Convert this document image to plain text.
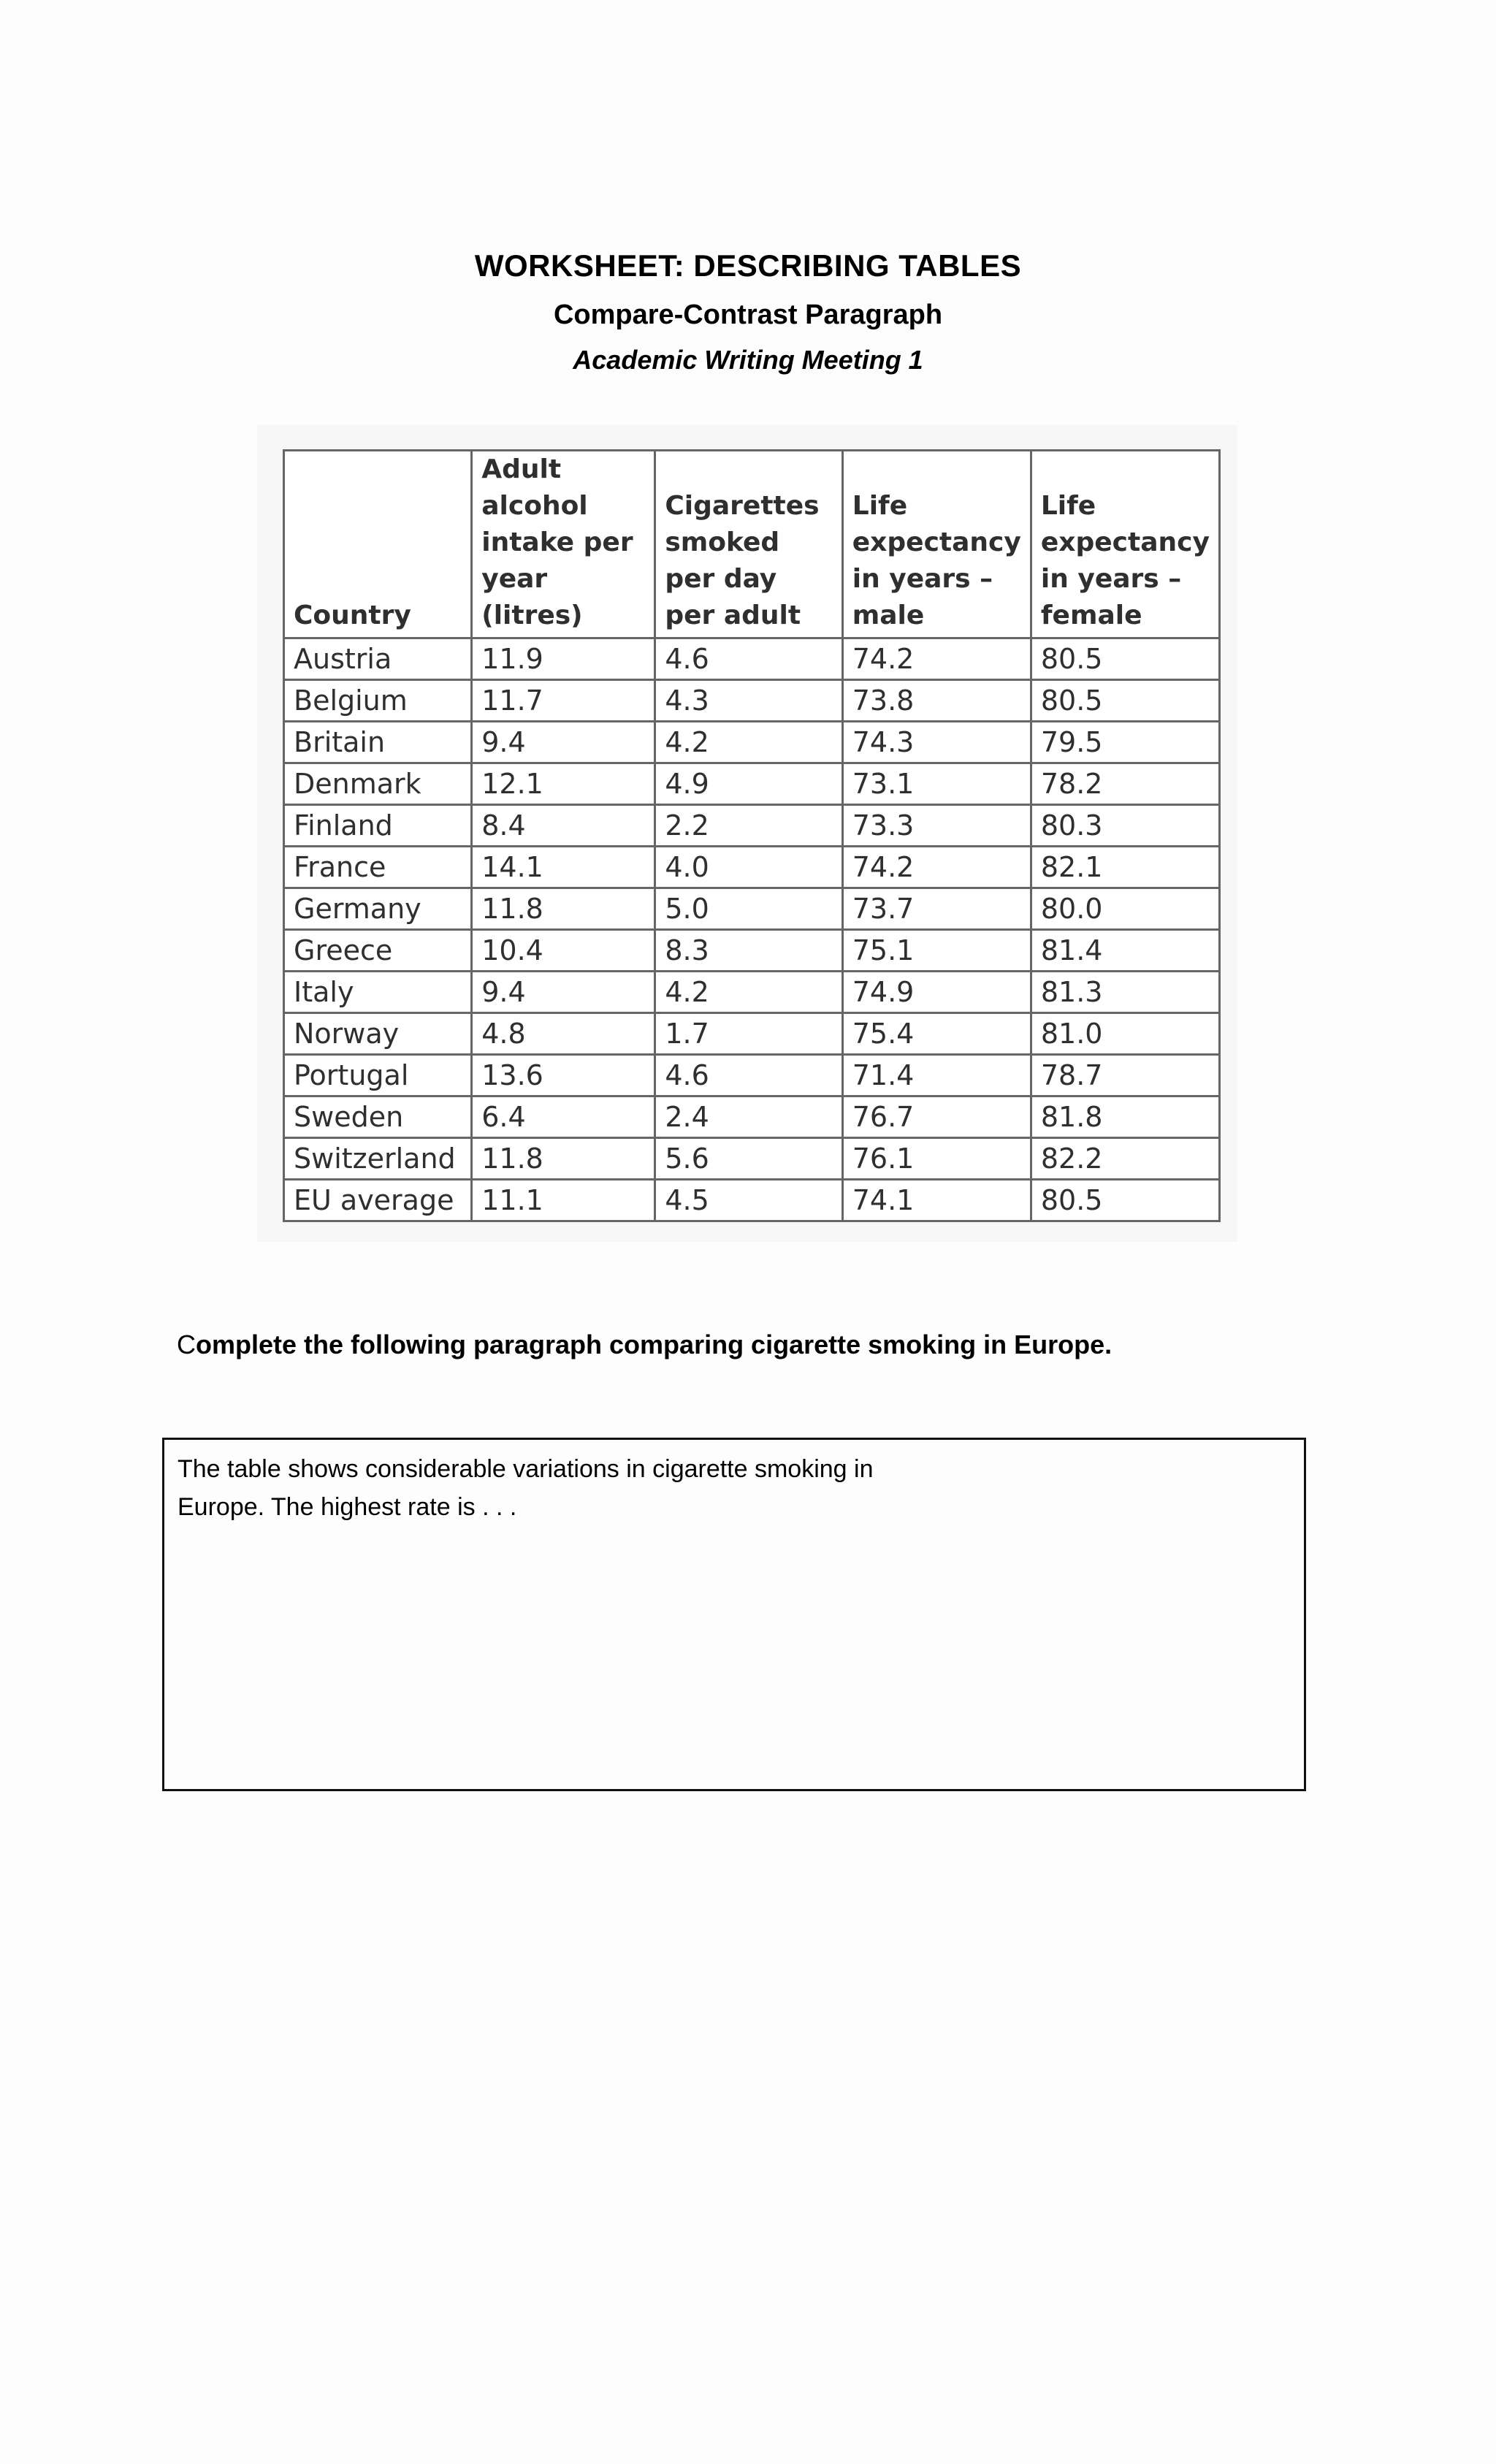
WORKSHEET: DESCRIBING TABLES
Compare-Contrast Paragraph
Academic Writing Meeting 1
Country	Adult alcohol intake per year (litres)	Cigarettes smoked per day per adult	Life expectancy in years – male	Life expectancy in years – female
Austria	11.9	4.6	74.2	80.5
Belgium	11.7	4.3	73.8	80.5
Britain	9.4	4.2	74.3	79.5
Denmark	12.1	4.9	73.1	78.2
Finland	8.4	2.2	73.3	80.3
France	14.1	4.0	74.2	82.1
Germany	11.8	5.0	73.7	80.0
Greece	10.4	8.3	75.1	81.4
Italy	9.4	4.2	74.9	81.3
Norway	4.8	1.7	75.4	81.0
Portugal	13.6	4.6	71.4	78.7
Sweden	6.4	2.4	76.7	81.8
Switzerland	11.8	5.6	76.1	82.2
EU average	11.1	4.5	74.1	80.5
Complete the following paragraph comparing cigarette smoking in Europe.

The table shows considerable variations in cigarette smoking in

Europe. The highest rate is . . .
